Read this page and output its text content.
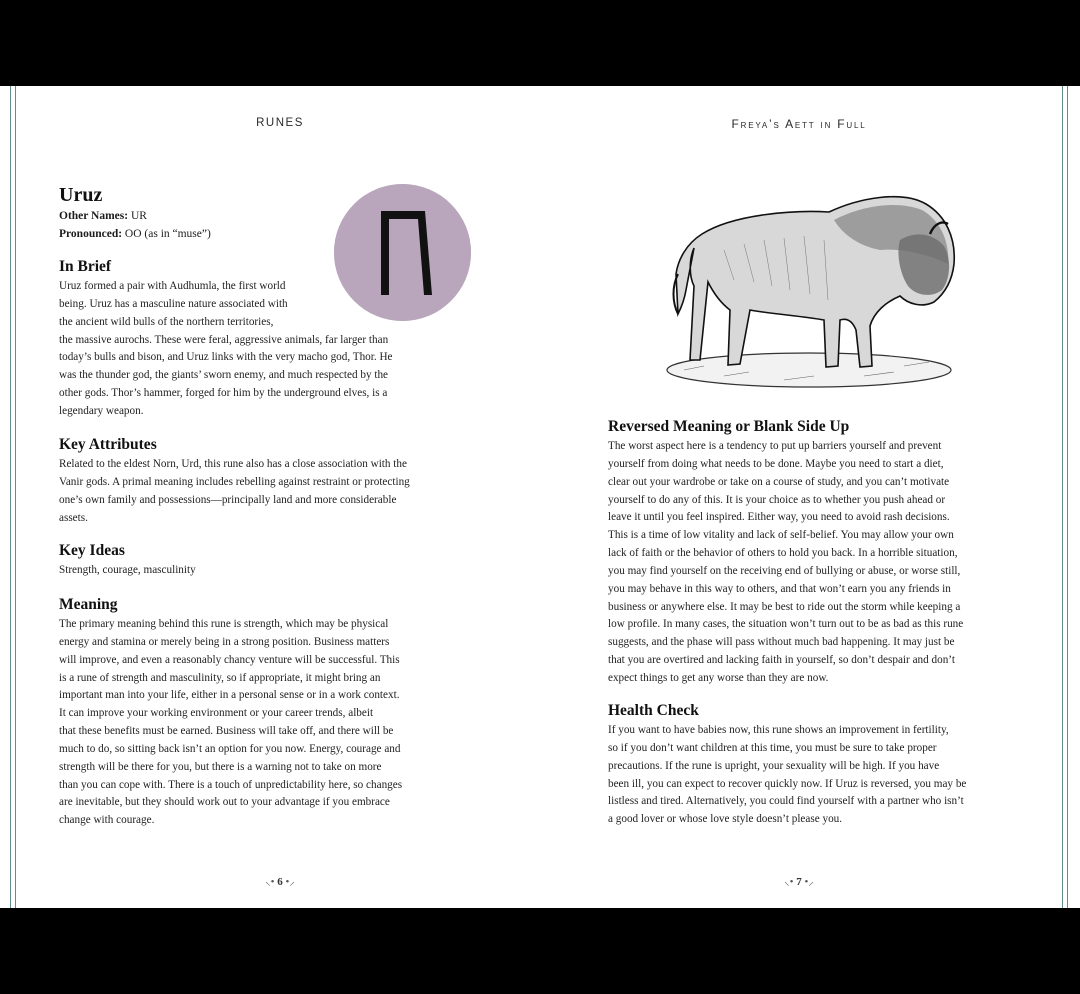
RUNES
Uruz
Other Names: UR
Pronounced: OO (as in “muse”)
In Brief

Uruz formed a pair with Audhumla, the first world
being. Uruz has a masculine nature associated with
the ancient wild bulls of the northern territories,
the massive aurochs. These were feral, aggressive animals, far larger than
today’s bulls and bison, and Uruz links with the very macho god, Thor. He
was the thunder god, the giants’ sworn enemy, and much respected by the
other gods. Thor’s hammer, forged for him by the underground elves, is a
legendary weapon.

Key Attributes

Related to the eldest Norn, Urd, this rune also has a close association with the
Vanir gods. A primal meaning includes rebelling against restraint or protecting
one’s own family and possessions—principally land and more considerable
assets.

Key Ideas

Strength, courage, masculinity

Meaning

The primary meaning behind this rune is strength, which may be physical
energy and stamina or merely being in a strong position. Business matters
will improve, and even a reasonably chancy venture will be successful. This
is a rune of strength and masculinity, so if appropriate, it might bring an
important man into your life, either in a personal sense or in a work context.
It can improve your working environment or your career trends, albeit
that these benefits must be earned. Business will take off, and there will be
much to do, so sitting back isn’t an option for you now. Energy, courage and
strength will be there for you, but there is a warning not to take on more
than you can cope with. There is a touch of unpredictability here, so changes
are inevitable, but they should work out to your advantage if you embrace
change with courage.

⸜• 6 •⸝
Freya’s Aett in Full
Reversed Meaning or Blank Side Up

The worst aspect here is a tendency to put up barriers yourself and prevent
yourself from doing what needs to be done. Maybe you need to start a diet,
clear out your wardrobe or take on a course of study, and you can’t motivate
yourself to do any of this. It is your choice as to whether you push ahead or
leave it until you feel inspired. Either way, you need to avoid rash decisions.
This is a time of low vitality and lack of self-belief. You may allow your own
lack of faith or the behavior of others to hold you back. In a horrible situation,
you may find yourself on the receiving end of bullying or abuse, or worse still,
you may behave in this way to others, and that won’t earn you any friends in
business or anywhere else. It may be best to ride out the storm while keeping a
low profile. In many cases, the situation won’t turn out to be as bad as this rune
suggests, and the phase will pass without much bad happening. It may just be
that you are overtired and lacking faith in yourself, so don’t despair and don’t
expect things to get any worse than they are now.

Health Check

If you want to have babies now, this rune shows an improvement in fertility,
so if you don’t want children at this time, you must be sure to take proper
precautions. If the rune is upright, your sexuality will be high. If you have
been ill, you can expect to recover quickly now. If Uruz is reversed, you may be
listless and tired. Alternatively, you could find yourself with a partner who isn’t
a good lover or whose love style doesn’t please you.

⸜• 7 •⸝
